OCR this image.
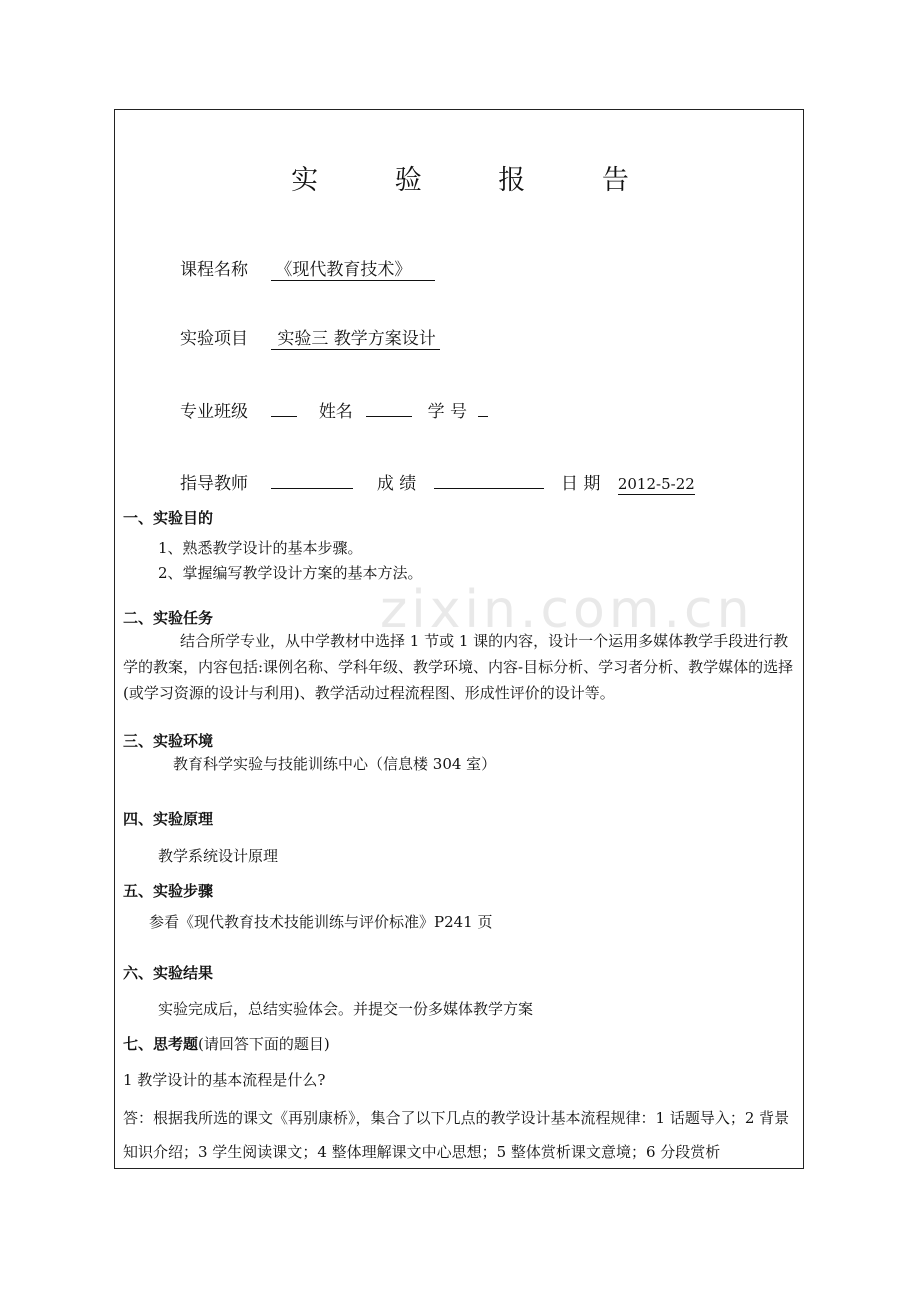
zixin.com.cn
实 验 报 告
课程名称 《现代教育技术》
实验项目 实验三 教学方案设计
专业班级	姓名	学 号
指导教师	成 绩	日 期 2012-5-22
一、实验目的
1、熟悉教学设计的基本步骤。
2、掌握编写教学设计方案的基本方法。
二、实验任务
结合所学专业，从中学教材中选择 1 节或 1 课的内容，设计一个运用多媒体教学手段进行教学的教案，内容包括:课例名称、学科年级、教学环境、内容-目标分析、学习者分析、教学媒体的选择(或学习资源的设计与利用)、教学活动过程流程图、形成性评价的设计等。
三、实验环境
教育科学实验与技能训练中心（信息楼 304 室）
四、实验原理
教学系统设计原理
五、实验步骤
参看《现代教育技术技能训练与评价标准》P241 页
六、实验结果
实验完成后，总结实验体会。并提交一份多媒体教学方案
七、思考题(请回答下面的题目)
1 教学设计的基本流程是什么?
答：根据我所选的课文《再别康桥》，集合了以下几点的教学设计基本流程规律：1 话题导入；2 背景知识介绍；3 学生阅读课文；4 整体理解课文中心思想；5 整体赏析课文意境；6 分段赏析
